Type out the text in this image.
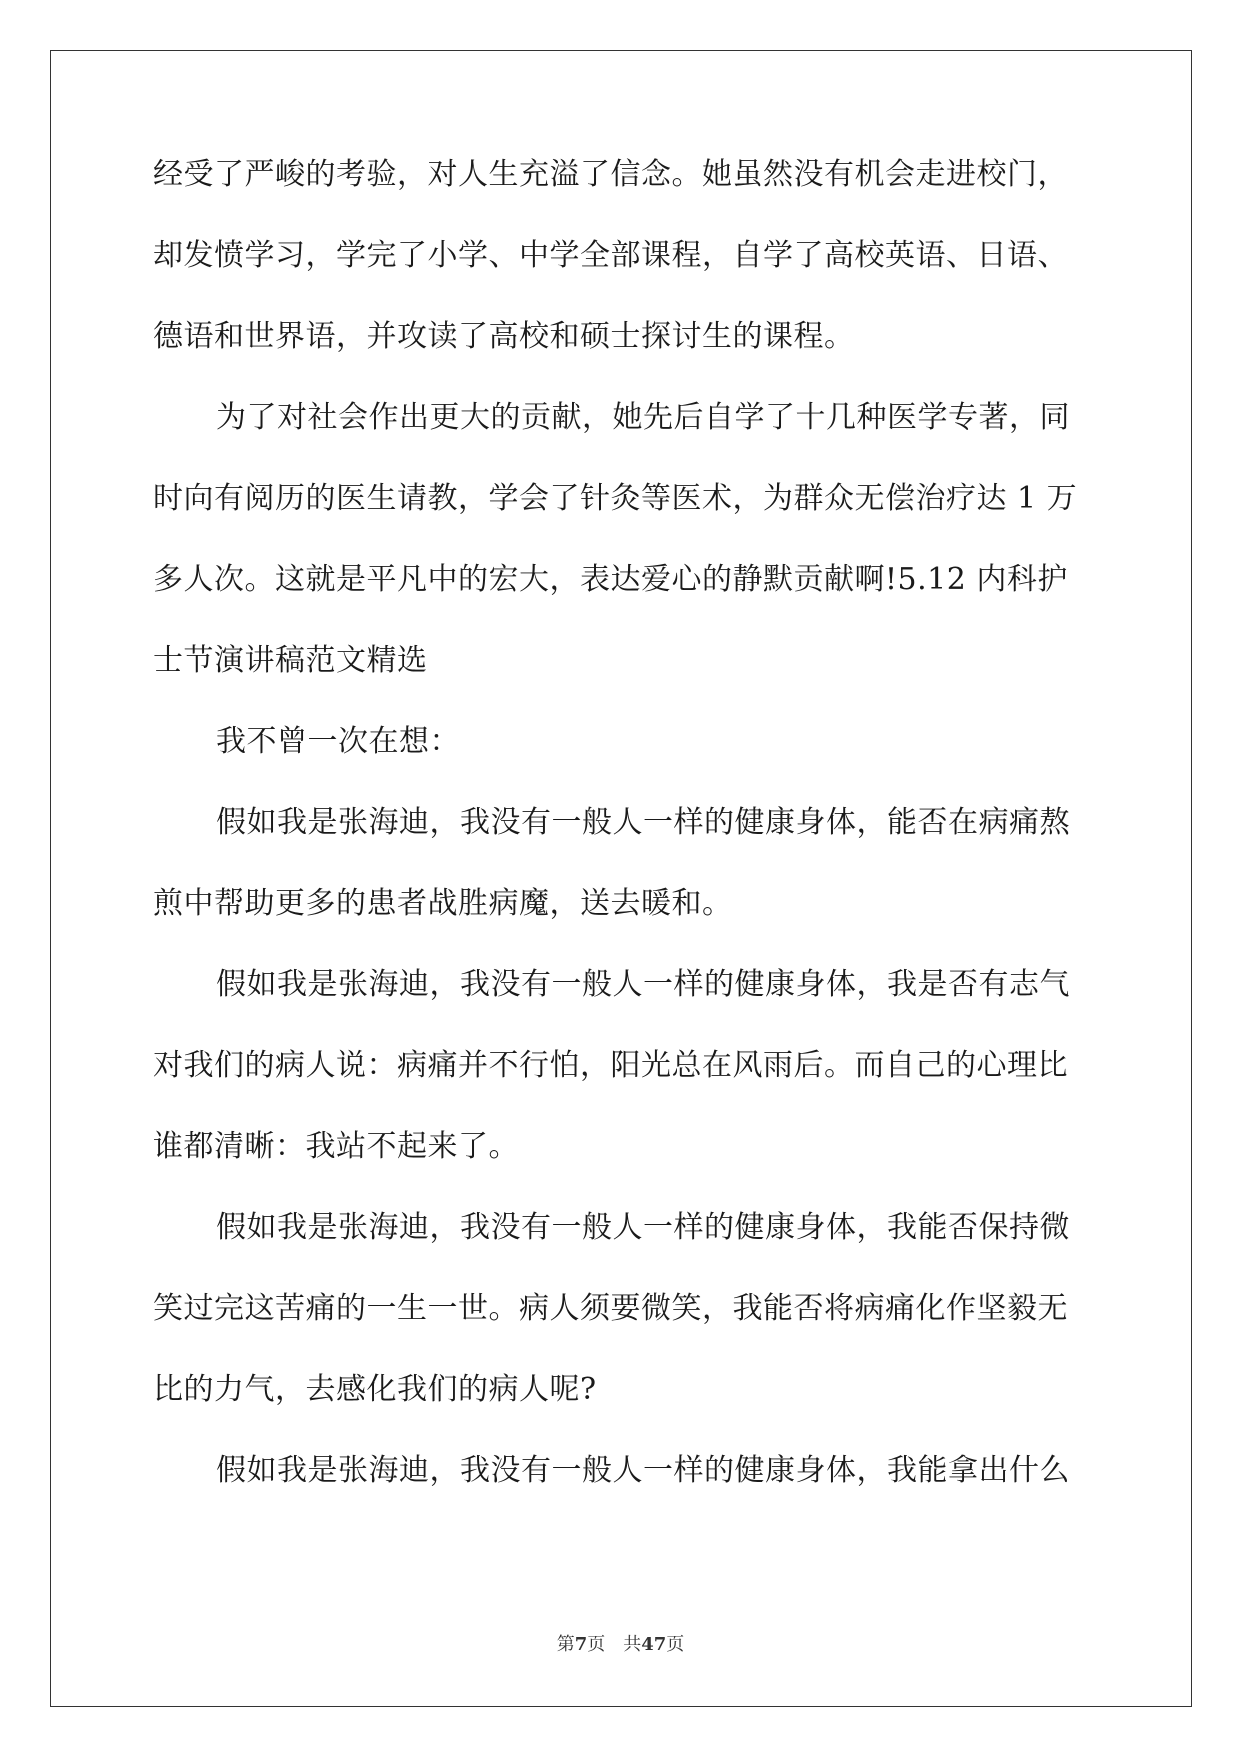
经受了严峻的考验，对人生充溢了信念。她虽然没有机会走进校门，
却发愤学习，学完了小学、中学全部课程，自学了高校英语、日语、
德语和世界语，并攻读了高校和硕士探讨生的课程。
为了对社会作出更大的贡献，她先后自学了十几种医学专著，同
时向有阅历的医生请教，学会了针灸等医术，为群众无偿治疗达 1 万
多人次。这就是平凡中的宏大，表达爱心的静默贡献啊!5.12 内科护
士节演讲稿范文精选
我不曾一次在想：
假如我是张海迪，我没有一般人一样的健康身体，能否在病痛熬
煎中帮助更多的患者战胜病魔，送去暖和。
假如我是张海迪，我没有一般人一样的健康身体，我是否有志气
对我们的病人说：病痛并不行怕，阳光总在风雨后。而自己的心理比
谁都清晰：我站不起来了。
假如我是张海迪，我没有一般人一样的健康身体，我能否保持微
笑过完这苦痛的一生一世。病人须要微笑，我能否将病痛化作坚毅无
比的力气，去感化我们的病人呢?
假如我是张海迪，我没有一般人一样的健康身体，我能拿出什么
第7页 共47页
